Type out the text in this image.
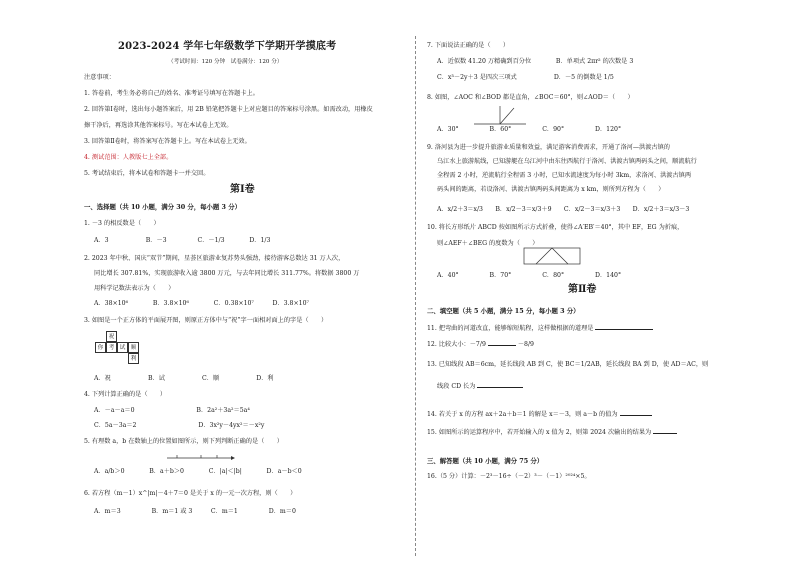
2023-2024 学年七年级数学下学期开学摸底考
（考试时间：120 分钟　试卷满分：120 分）
注意事项：
1. 答卷前，考生务必将自己的姓名、准考证号填写在答题卡上。
2. 回答第Ⅰ卷时，选出每小题答案后，用 2B 铅笔把答题卡上对应题目的答案标号涂黑。如需改动，用橡皮
擦干净后，再选涂其他答案标号。写在本试卷上无效。
3. 回答第Ⅱ卷时，将答案写在答题卡上。写在本试卷上无效。
4. 测试范围：人教版七上全部。
5. 考试结束后，将本试卷和答题卡一并交回。
第Ⅰ卷
一、选择题（共 10 小题，满分 30 分，每小题 3 分）
1. －3 的相反数是（　　）
A．3　　　　　　B．－3　　　　　C．－1/3　　　　D．1/3
2. 2023 年中秋、国庆“双节”期间，星荟区旅游业复苏势头强劲，接待游客总数达 31 万人次，
同比增长 307.81%，实现旅游收入逾 3800 万元，与去年同比增长 311.77%。将数据 3800 万
用科学记数法表示为（　　）
A．38×10⁶　　　　B．3.8×10⁶　　　　C．0.38×10⁷　　　D．3.8×10⁷
3. 如图是一个正方体的平面展开图，则原正方体中与“祝”字一面相对面上的字是（　　）
祝
你 考 试 顺
利
A．祝　　　　　　B．试　　　　　　C．顺　　　　　　D．利
4. 下列计算正确的是（　　）
A．－a－a＝0　　　　　　　　　　B．2a²＋3a²＝5a⁴
C．5a－3a＝2　　　　　　　　　　D．3x²y－4yx²＝－x²y
5. 有理数 a，b 在数轴上的位置如图所示，则下列判断正确的是（　　）
A．a/b＞0　　　　B．a＋b＞0　　　　C．|a|＜|b|　　　　D．a－b＜0
6. 若方程（m－1）x^|m|－4＋7＝0 是关于 x 的一元一次方程，则（　　）
A．m＝3　　　　　B．m＝1 或 3　　　C．m＝1　　　　　D．m＝0
7. 下面说法正确的是（　　）
A．近似数 41.20 万精确到百分位　　　　B．单项式 2πr² 的次数是 3
C．x³－2y＋3 是四次三项式　　　　　　D．－5 的倒数是 1/5
8. 如图，∠AOC 和∠BOD 都是直角，∠BOC＝60°，则∠AOD＝（　　）
A．30°　　　　　B．60°　　　　　C．90°　　　　　D．120°
9. 洛河县为进一步提升旅游业质量和效益，满足游客消费需求，开通了洛河—洪渡古镇的
乌江水上旅游航线，已知游艇在乌江河中由东往西航行于洛河、洪渡古镇两码头之间，顺流航行
全程需 2 小时，逆流航行全程需 3 小时，已知水流速度为每小时 3km，求洛河、洪渡古镇两
码头间的距离，若设洛河、洪渡古镇两码头间距离为 x km，则所列方程为（　　）
A．x/2＋3＝x/3　　B．x/2－3＝x/3＋9　　C．x/2－3＝x/3＋3　　D．x/2＋3＝x/3－3
10. 将长方形纸片 ABCD 按如图所示方式折叠，使得∠A′EB′＝40°，其中 EF，EG 为折痕，
则∠AEF＋∠BEG 的度数为（　　）
A．40°　　　　　B．70°　　　　　C．80°　　　　　D．140°
第Ⅱ卷
二、填空题（共 5 小题，满分 15 分，每小题 3 分）
11. 把弯曲的河道改直，能够缩短航程，这样做根据的道理是
12. 比较大小：－7/9	－8/9
13. 已知线段 AB＝6cm，延长线段 AB 到 C，使 BC＝1/2AB，延长线段 BA 到 D，使 AD＝AC，则
线段 CD 长为
14. 若关于 x 的方程 ax＋2a＋b＝1 的解是 x＝－3，则 a－b 的值为
15. 如图所示的运算程序中，若开始输入的 x 值为 2，则第 2024 次输出的结果为
三、解答题（共 10 小题，满分 75 分）
16.（5 分）计算：－2³－16÷（－2）³－（－1）²⁰²⁴×5。
